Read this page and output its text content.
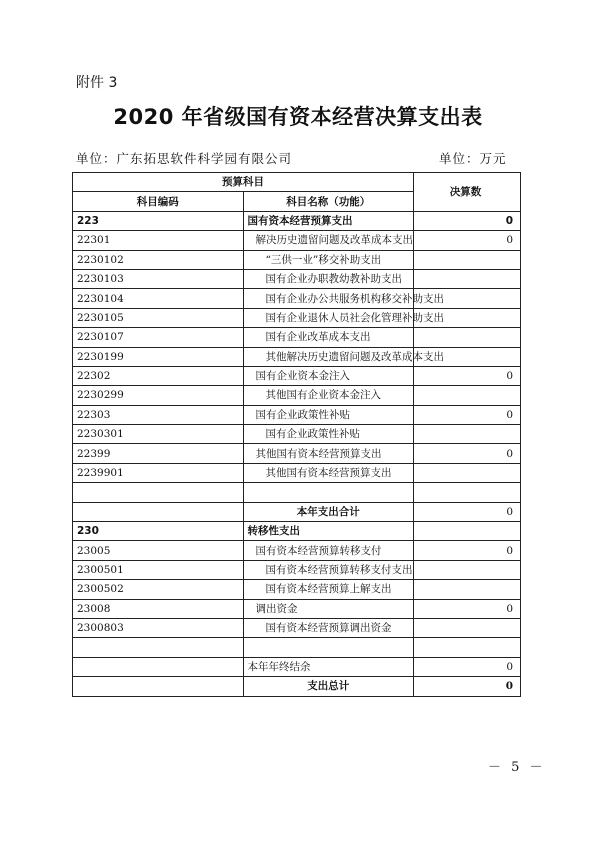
附件 3
2020 年省级国有资本经营决算支出表
单位：广东拓思软件科学园有限公司	单位：万元
预算科目		决算数
科目编码	科目名称（功能）	
223	国有资本经营预算支出	0
22301	解决历史遗留问题及改革成本支出	0
2230102	“三供一业”移交补助支出	
2230103	国有企业办职教幼教补助支出	
2230104	国有企业办公共服务机构移交补助支出	
2230105	国有企业退休人员社会化管理补助支出	
2230107	国有企业改革成本支出	
2230199	其他解决历史遗留问题及改革成本支出	
22302	国有企业资本金注入	0
2230299	其他国有企业资本金注入	
22303	国有企业政策性补贴	0
2230301	国有企业政策性补贴	
22399	其他国有资本经营预算支出	0
2239901	其他国有资本经营预算支出	

	本年支出合计	0
230	转移性支出	
23005	国有资本经营预算转移支付	0
2300501	国有资本经营预算转移支付支出	
2300502	国有资本经营预算上解支出	
23008	调出资金	0
2300803	国有资本经营预算调出资金	

	本年年终结余	0
	支出总计	0
－ 5 －
